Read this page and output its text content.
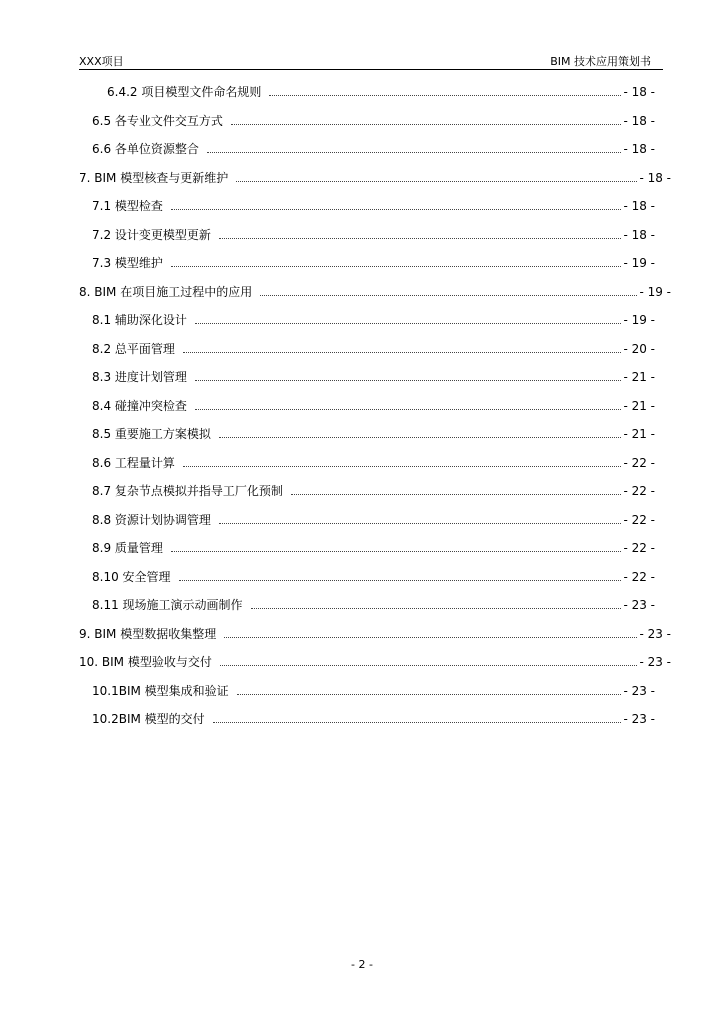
XXX项目	BIM 技术应用策划书
6.4.2 项目模型文件命名规则	- 18 -
6.5 各专业文件交互方式	- 18 -
6.6 各单位资源整合	- 18 -
7. BIM 模型核查与更新维护	- 18 -
7.1 模型检查	- 18 -
7.2 设计变更模型更新	- 18 -
7.3 模型维护	- 19 -
8. BIM 在项目施工过程中的应用	- 19 -
8.1 辅助深化设计	- 19 -
8.2 总平面管理	- 20 -
8.3 进度计划管理	- 21 -
8.4 碰撞冲突检查	- 21 -
8.5 重要施工方案模拟	- 21 -
8.6 工程量计算	- 22 -
8.7 复杂节点模拟并指导工厂化预制	- 22 -
8.8 资源计划协调管理	- 22 -
8.9 质量管理	- 22 -
8.10 安全管理	- 22 -
8.11 现场施工演示动画制作	- 23 -
9. BIM 模型数据收集整理	- 23 -
10. BIM 模型验收与交付	- 23 -
10.1BIM 模型集成和验证	- 23 -
10.2BIM 模型的交付	- 23 -
- 2 -
